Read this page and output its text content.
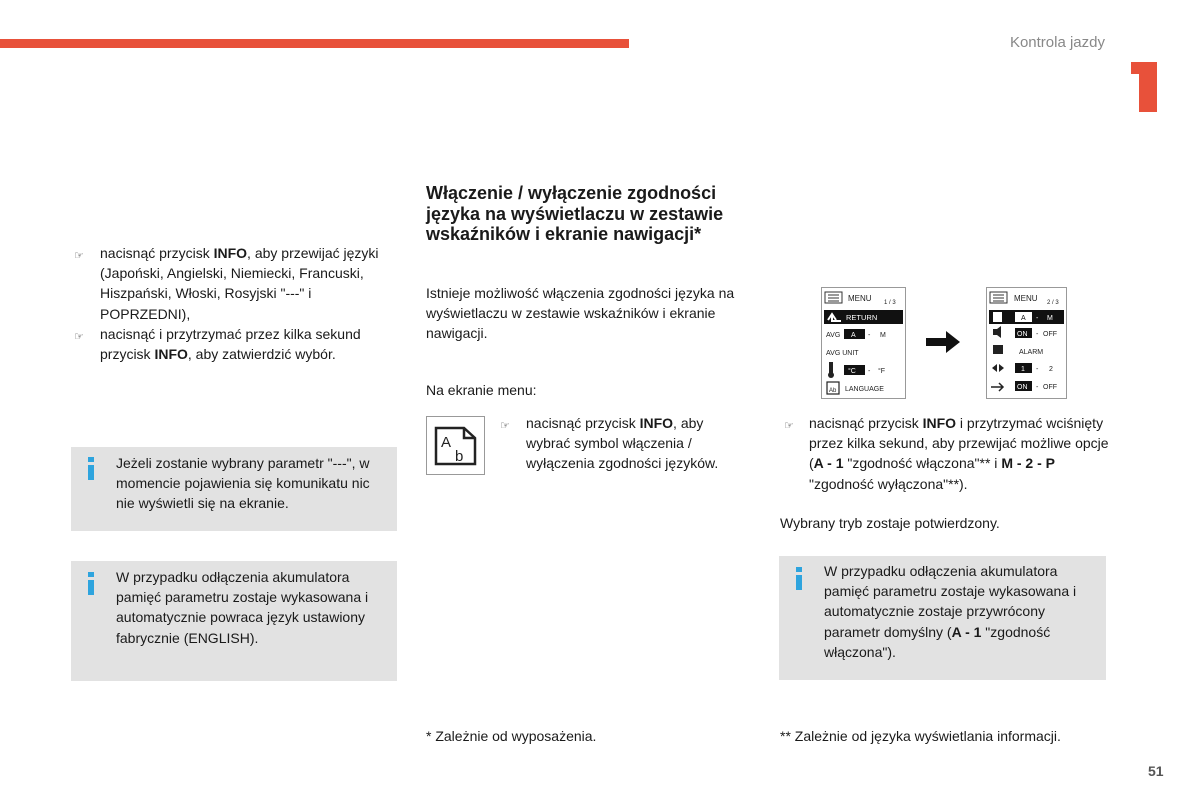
Kontrola jazdy
51
☞ nacisnąć przycisk INFO, aby przewijać języki (Japoński, Angielski, Niemiecki, Francuski, Hiszpański, Włoski, Rosyjski "---" i POPRZEDNI),
☞ nacisnąć i przytrzymać przez kilka sekund przycisk INFO, aby zatwierdzić wybór.
Jeżeli zostanie wybrany parametr "---", w momencie pojawienia się komunikatu nic nie wyświetli się na ekranie.
W przypadku odłączenia akumulatora pamięć parametru zostaje wykasowana i automatycznie powraca język ustawiony fabrycznie (ENGLISH).
Włączenie / wyłączenie zgodności języka na wyświetlaczu w zestawie wskaźników i ekranie nawigacji*
Istnieje możliwość włączenia zgodności języka na wyświetlaczu w zestawie wskaźników i ekranie nawigacji.
Na ekranie menu:
A
b
☞ nacisnąć przycisk INFO, aby wybrać symbol włączenia / wyłączenia zgodności języków.
* Zależnie od wyposażenia.
MENU 1 / 3
RETURN
AVG A - M
AVG UNIT
°C - °F
Ab LANGUAGE
MENU 2 / 3
A - M
ON - OFF
ALARM
1 - 2
ON - OFF
☞ nacisnąć przycisk INFO i przytrzymać wciśnięty przez kilka sekund, aby przewijać możliwe opcje (A - 1 "zgodność włączona"** i M - 2 - P "zgodność wyłączona"**).
Wybrany tryb zostaje potwierdzony.
W przypadku odłączenia akumulatora pamięć parametru zostaje wykasowana i automatycznie zostaje przywrócony parametr domyślny (A - 1 "zgodność włączona").
** Zależnie od języka wyświetlania informacji.
